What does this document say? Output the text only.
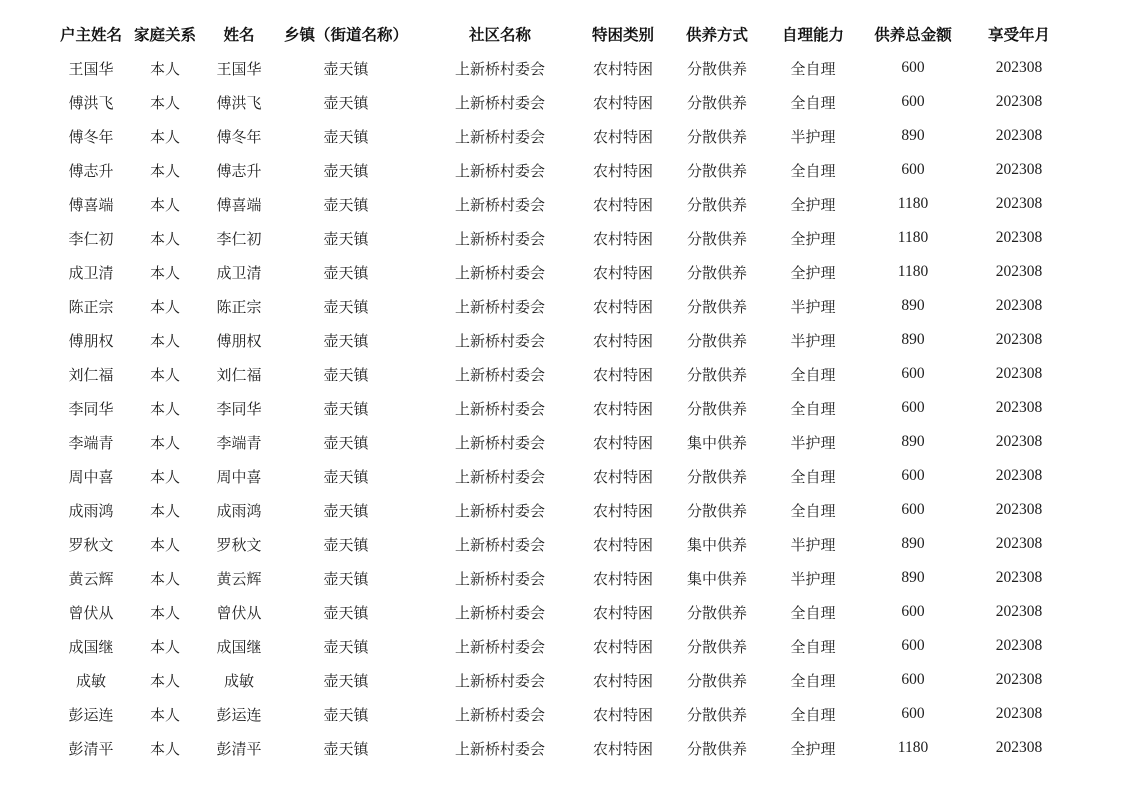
户主姓名	家庭关系	姓名	乡镇（街道名称）	社区名称	特困类别	供养方式	自理能力	供养总金额	享受年月
王国华	本人	王国华	壶天镇	上新桥村委会	农村特困	分散供养	全自理	600	202308
傅洪飞	本人	傅洪飞	壶天镇	上新桥村委会	农村特困	分散供养	全自理	600	202308
傅冬年	本人	傅冬年	壶天镇	上新桥村委会	农村特困	分散供养	半护理	890	202308
傅志升	本人	傅志升	壶天镇	上新桥村委会	农村特困	分散供养	全自理	600	202308
傅喜端	本人	傅喜端	壶天镇	上新桥村委会	农村特困	分散供养	全护理	1180	202308
李仁初	本人	李仁初	壶天镇	上新桥村委会	农村特困	分散供养	全护理	1180	202308
成卫清	本人	成卫清	壶天镇	上新桥村委会	农村特困	分散供养	全护理	1180	202308
陈正宗	本人	陈正宗	壶天镇	上新桥村委会	农村特困	分散供养	半护理	890	202308
傅朋权	本人	傅朋权	壶天镇	上新桥村委会	农村特困	分散供养	半护理	890	202308
刘仁福	本人	刘仁福	壶天镇	上新桥村委会	农村特困	分散供养	全自理	600	202308
李同华	本人	李同华	壶天镇	上新桥村委会	农村特困	分散供养	全自理	600	202308
李端青	本人	李端青	壶天镇	上新桥村委会	农村特困	集中供养	半护理	890	202308
周中喜	本人	周中喜	壶天镇	上新桥村委会	农村特困	分散供养	全自理	600	202308
成雨鸿	本人	成雨鸿	壶天镇	上新桥村委会	农村特困	分散供养	全自理	600	202308
罗秋文	本人	罗秋文	壶天镇	上新桥村委会	农村特困	集中供养	半护理	890	202308
黄云辉	本人	黄云辉	壶天镇	上新桥村委会	农村特困	集中供养	半护理	890	202308
曾伏从	本人	曾伏从	壶天镇	上新桥村委会	农村特困	分散供养	全自理	600	202308
成国继	本人	成国继	壶天镇	上新桥村委会	农村特困	分散供养	全自理	600	202308
成敏	本人	成敏	壶天镇	上新桥村委会	农村特困	分散供养	全自理	600	202308
彭运连	本人	彭运连	壶天镇	上新桥村委会	农村特困	分散供养	全自理	600	202308
彭清平	本人	彭清平	壶天镇	上新桥村委会	农村特困	分散供养	全护理	1180	202308
